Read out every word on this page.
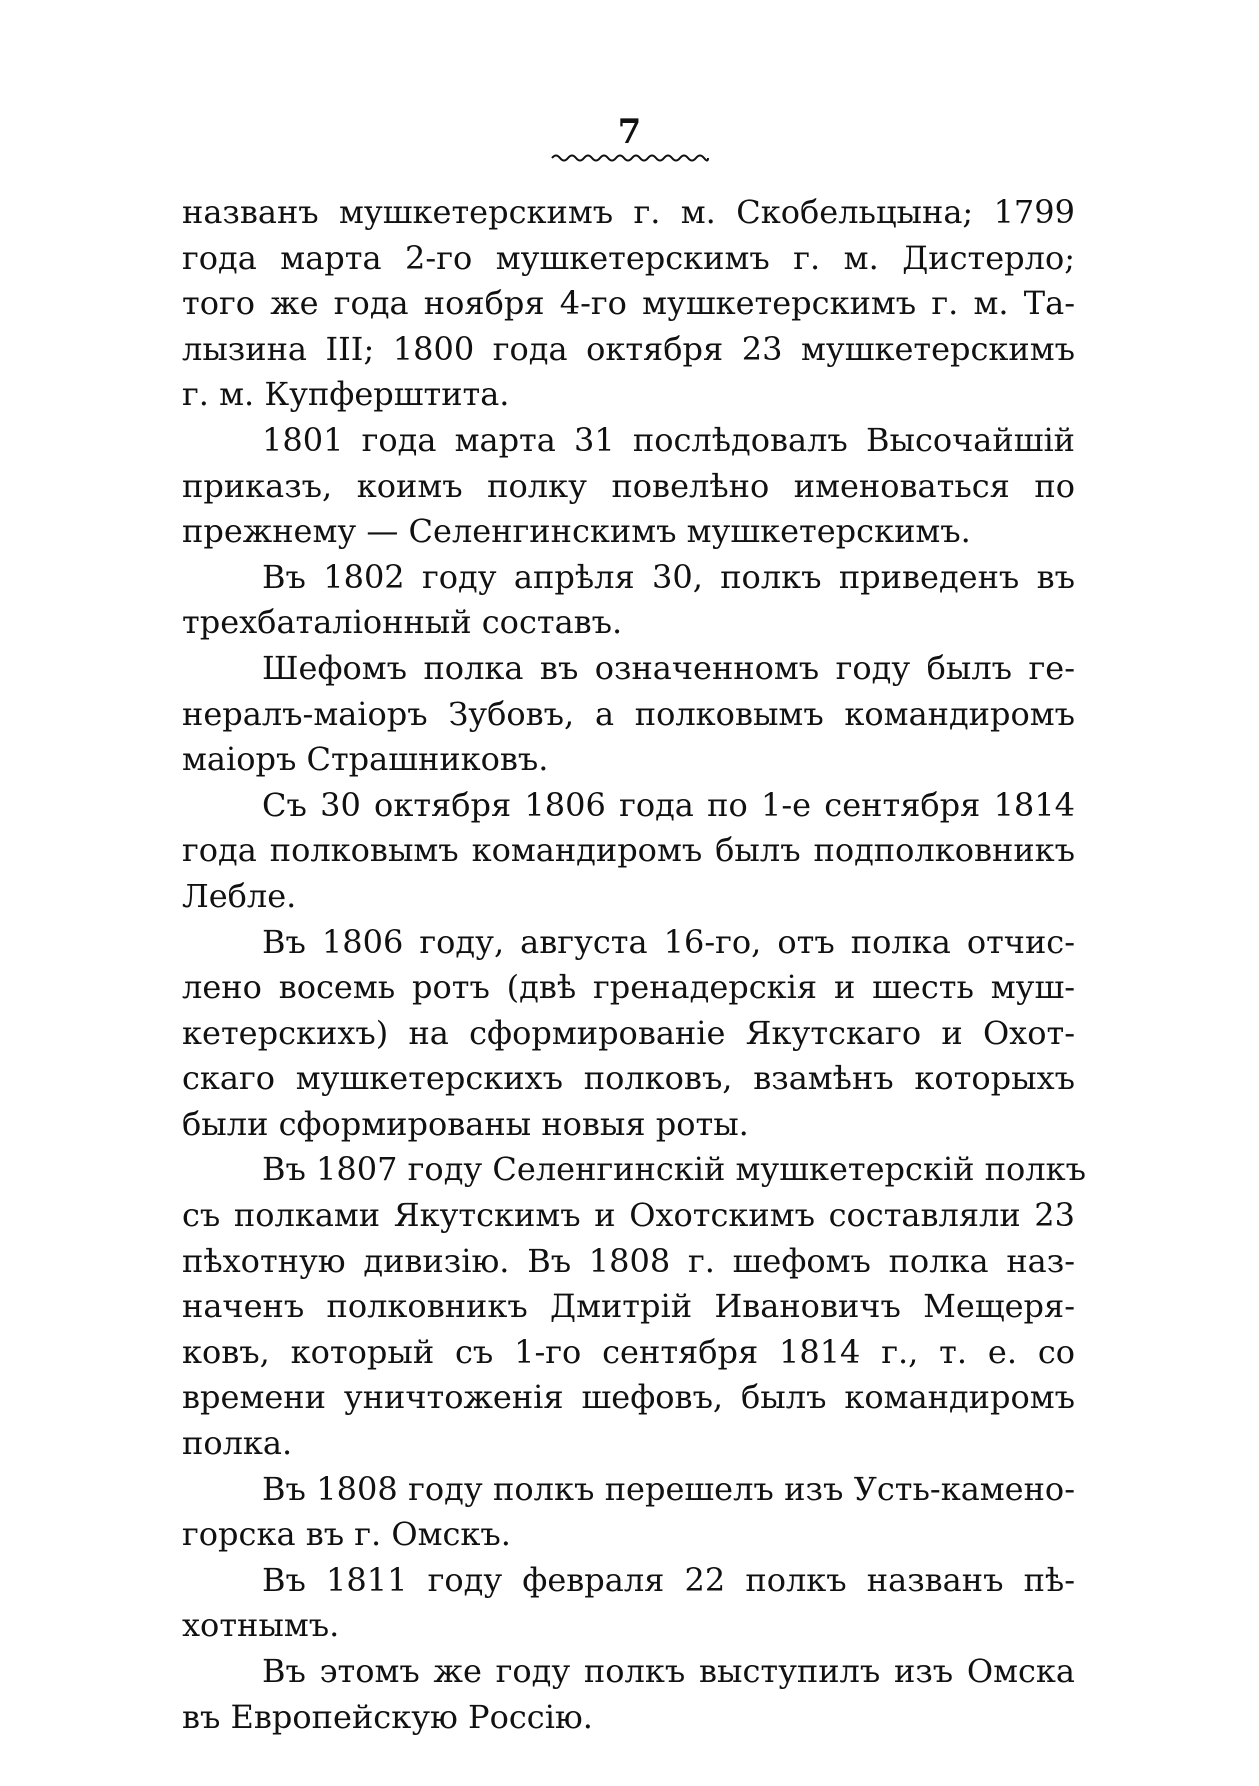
7
названъ мушкетерскимъ г. м. Скобельцына; 1799
года марта 2-го мушкетерскимъ г. м. Дистерло;
того же года ноября 4-го мушкетерскимъ г. м. Та-
лызина III; 1800 года октября 23 мушкетерскимъ
г. м. Купферштита.
1801 года марта 31 послѣдовалъ Высочайшій
приказъ, коимъ полку повелѣно именоваться по
прежнему — Селенгинскимъ мушкетерскимъ.
Въ 1802 году апрѣля 30, полкъ приведенъ въ
трехбаталіонный составъ.
Шефомъ полка въ означенномъ году былъ ге-
нералъ-маіоръ Зубовъ, а полковымъ командиромъ
маіоръ Страшниковъ.
Съ 30 октября 1806 года по 1-е сентября 1814
года полковымъ командиромъ былъ подполковникъ
Лебле.
Въ 1806 году, августа 16-го, отъ полка отчис-
лено восемь ротъ (двѣ гренадерскія и шесть муш-
кетерскихъ) на сформированіе Якутскаго и Охот-
скаго мушкетерскихъ полковъ, взамѣнъ которыхъ
были сформированы новыя роты.
Въ 1807 году Селенгинскій мушкетерскій полкъ
съ полками Якутскимъ и Охотскимъ составляли 23
пѣхотную дивизію. Въ 1808 г. шефомъ полка наз-
наченъ полковникъ Дмитрій Ивановичъ Мещеря-
ковъ, который съ 1-го сентября 1814 г., т. е. со
времени уничтоженія шефовъ, былъ командиромъ
полка.
Въ 1808 году полкъ перешелъ изъ Усть-камено-
горска въ г. Омскъ.
Въ 1811 году февраля 22 полкъ названъ пѣ-
хотнымъ.
Въ этомъ же году полкъ выступилъ изъ Омска
въ Европейскую Россію.
